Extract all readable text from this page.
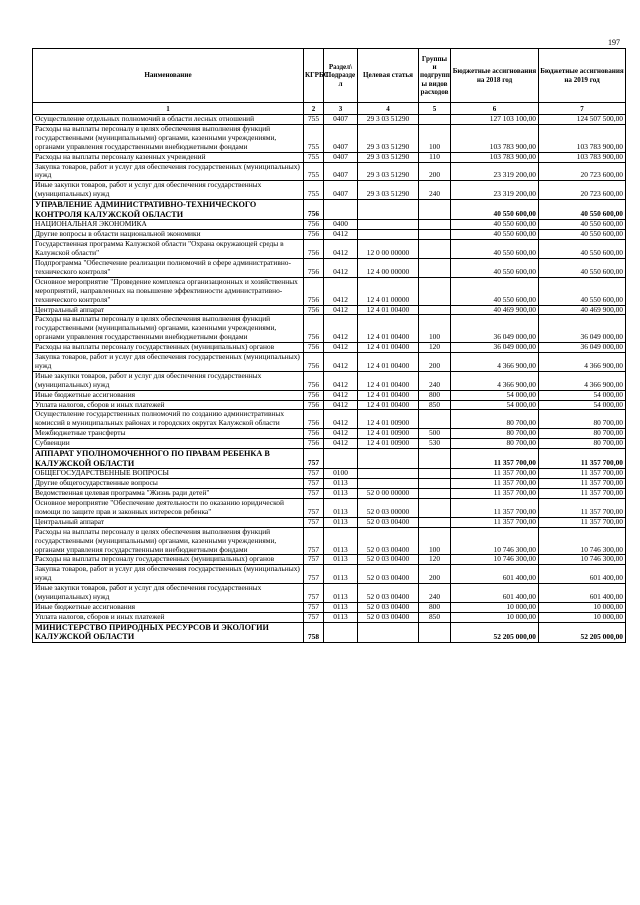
197
Наименование	КГРБС	Раздел\ Подразде л	Целевая статья	Группы и подгрупп ы видов расходов	Бюджетные ассигнования на 2018 год	Бюджетные ассигнования на 2019 год
1	2	3	4	5	6	7
Осуществление отдельных полномочий в области лесных отношений	755	0407	29 3 03 51290		127 103 100,00	124 507 500,00
Расходы на выплаты персоналу в целях обеспечения выполнения функций государственными (муниципальными) органами, казенными учреждениями, органами управления государственными внебюджетными фондами	755	0407	29 3 03 51290	100	103 783 900,00	103 783 900,00
Расходы на выплаты персоналу казенных учреждений	755	0407	29 3 03 51290	110	103 783 900,00	103 783 900,00
Закупка товаров, работ и услуг для обеспечения государственных (муниципальных) нужд	755	0407	29 3 03 51290	200	23 319 200,00	20 723 600,00
Иные закупки товаров, работ и услуг для обеспечения государственных (муниципальных) нужд	755	0407	29 3 03 51290	240	23 319 200,00	20 723 600,00
УПРАВЛЕНИЕ АДМИНИСТРАТИВНО-ТЕХНИЧЕСКОГО КОНТРОЛЯ КАЛУЖСКОЙ ОБЛАСТИ	756				40 550 600,00	40 550 600,00
НАЦИОНАЛЬНАЯ ЭКОНОМИКА	756	0400			40 550 600,00	40 550 600,00
Другие вопросы в области национальной экономики	756	0412			40 550 600,00	40 550 600,00
Государственная программа Калужской области "Охрана окружающей среды в Калужской области"	756	0412	12 0 00 00000		40 550 600,00	40 550 600,00
Подпрограмма "Обеспечение реализации полномочий в сфере административно-технического контроля"	756	0412	12 4 00 00000		40 550 600,00	40 550 600,00
Основное мероприятие "Проведение комплекса организационных и хозяйственных мероприятий, направленных на повышение эффективности административно-технического контроля"	756	0412	12 4 01 00000		40 550 600,00	40 550 600,00
Центральный аппарат	756	0412	12 4 01 00400		40 469 900,00	40 469 900,00
Расходы на выплаты персоналу в целях обеспечения выполнения функций государственными (муниципальными) органами, казенными учреждениями, органами управления государственными внебюджетными фондами	756	0412	12 4 01 00400	100	36 049 000,00	36 049 000,00
Расходы на выплаты персоналу государственных (муниципальных) органов	756	0412	12 4 01 00400	120	36 049 000,00	36 049 000,00
Закупка товаров, работ и услуг для обеспечения государственных (муниципальных) нужд	756	0412	12 4 01 00400	200	4 366 900,00	4 366 900,00
Иные закупки товаров, работ и услуг для обеспечения государственных (муниципальных) нужд	756	0412	12 4 01 00400	240	4 366 900,00	4 366 900,00
Иные бюджетные ассигнования	756	0412	12 4 01 00400	800	54 000,00	54 000,00
Уплата налогов, сборов и иных платежей	756	0412	12 4 01 00400	850	54 000,00	54 000,00
Осуществление государственных полномочий по созданию административных комиссий в муниципальных районах и городских округах Калужской области	756	0412	12 4 01 00900		80 700,00	80 700,00
Межбюджетные трансферты	756	0412	12 4 01 00900	500	80 700,00	80 700,00
Субвенции	756	0412	12 4 01 00900	530	80 700,00	80 700,00
АППАРАТ УПОЛНОМОЧЕННОГО ПО ПРАВАМ РЕБЕНКА В КАЛУЖСКОЙ ОБЛАСТИ	757				11 357 700,00	11 357 700,00
ОБЩЕГОСУДАРСТВЕННЫЕ ВОПРОСЫ	757	0100			11 357 700,00	11 357 700,00
Другие общегосударственные вопросы	757	0113			11 357 700,00	11 357 700,00
Ведомственная целевая программа "Жизнь ради детей"	757	0113	52 0 00 00000		11 357 700,00	11 357 700,00
Основное мероприятие "Обеспечение деятельности по оказанию юридической помощи по защите прав и законных интересов ребенка"	757	0113	52 0 03 00000		11 357 700,00	11 357 700,00
Центральный аппарат	757	0113	52 0 03 00400		11 357 700,00	11 357 700,00
Расходы на выплаты персоналу в целях обеспечения выполнения функций государственными (муниципальными) органами, казенными учреждениями, органами управления государственными внебюджетными фондами	757	0113	52 0 03 00400	100	10 746 300,00	10 746 300,00
Расходы на выплаты персоналу государственных (муниципальных) органов	757	0113	52 0 03 00400	120	10 746 300,00	10 746 300,00
Закупка товаров, работ и услуг для обеспечения государственных (муниципальных) нужд	757	0113	52 0 03 00400	200	601 400,00	601 400,00
Иные закупки товаров, работ и услуг для обеспечения государственных (муниципальных) нужд	757	0113	52 0 03 00400	240	601 400,00	601 400,00
Иные бюджетные ассигнования	757	0113	52 0 03 00400	800	10 000,00	10 000,00
Уплата налогов, сборов и иных платежей	757	0113	52 0 03 00400	850	10 000,00	10 000,00
МИНИСТЕРСТВО ПРИРОДНЫХ РЕСУРСОВ И ЭКОЛОГИИ КАЛУЖСКОЙ ОБЛАСТИ	758				52 205 000,00	52 205 000,00
